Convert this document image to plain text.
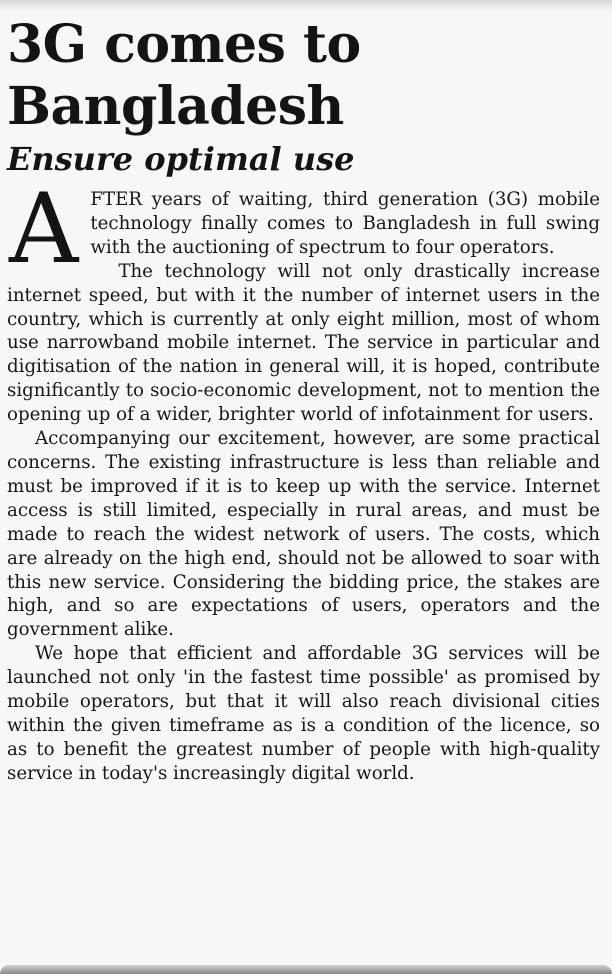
3G comes to
Bangladesh
Ensure optimal use

A FTER years of waiting, third generation (3G) mobile technology finally comes to Bangladesh in full swing with the auctioning of spectrum to four operators.

The technology will not only drastically increase internet speed, but with it the number of internet users in the country, which is currently at only eight million, most of whom use narrowband mobile internet. The service in particular and digitisation of the nation in general will, it is hoped, contribute significantly to socio-economic development, not to mention the opening up of a wider, brighter world of infotainment for users.

Accompanying our excitement, however, are some practical concerns. The existing infrastructure is less than reliable and must be improved if it is to keep up with the service. Internet access is still limited, especially in rural areas, and must be made to reach the widest network of users. The costs, which are already on the high end, should not be allowed to soar with this new service. Considering the bidding price, the stakes are high, and so are expectations of users, operators and the government alike.

We hope that efficient and affordable 3G services will be launched not only 'in the fastest time possible' as promised by mobile operators, but that it will also reach divisional cities within the given timeframe as is a condition of the licence, so as to benefit the greatest number of people with high-quality service in today's increasingly digital world.
